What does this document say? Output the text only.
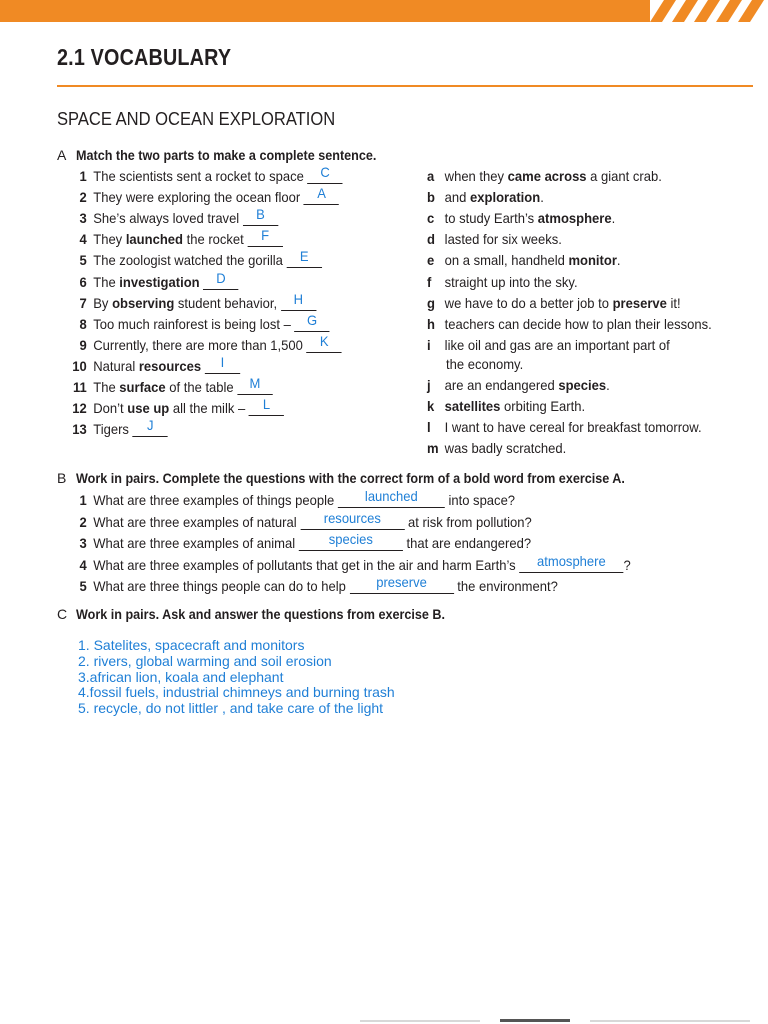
2.1 VOCABULARY
SPACE AND OCEAN EXPLORATION
A Match the two parts to make a complete sentence.
1 The scientists sent a rocket to space C
2 They were exploring the ocean floor A
3 She’s always loved travel B
4 They launched the rocket F
5 The zoologist watched the gorilla E
6 The investigation D
7 By observing student behavior, H
8 Too much rainforest is being lost – G
9 Currently, there are more than 1,500 K
10 Natural resources I
11 The surface of the table M
12 Don’t use up all the milk – L
13 Tigers J
a when they came across a giant crab.
b and exploration.
c to study Earth’s atmosphere.
d lasted for six weeks.
e on a small, handheld monitor.
f straight up into the sky.
g we have to do a better job to preserve it!
h teachers can decide how to plan their lessons.
i like oil and gas are an important part of
the economy.
j are an endangered species.
k satellites orbiting Earth.
l I want to have cereal for breakfast tomorrow.
m was badly scratched.
B Work in pairs. Complete the questions with the correct form of a bold word from exercise A.
1 What are three examples of things people launched into space?
2 What are three examples of natural resources at risk from pollution?
3 What are three examples of animal species that are endangered?
4 What are three examples of pollutants that get in the air and harm Earth’s atmosphere ?
5 What are three things people can do to help preserve the environment?
C Work in pairs. Ask and answer the questions from exercise B.
1. Satelites, spacecraft and monitors
2. rivers, global warming and soil erosion
3.african lion, koala and elephant
4.fossil fuels, industrial chimneys and burning trash
5. recycle, do not littler , and take care of the light
